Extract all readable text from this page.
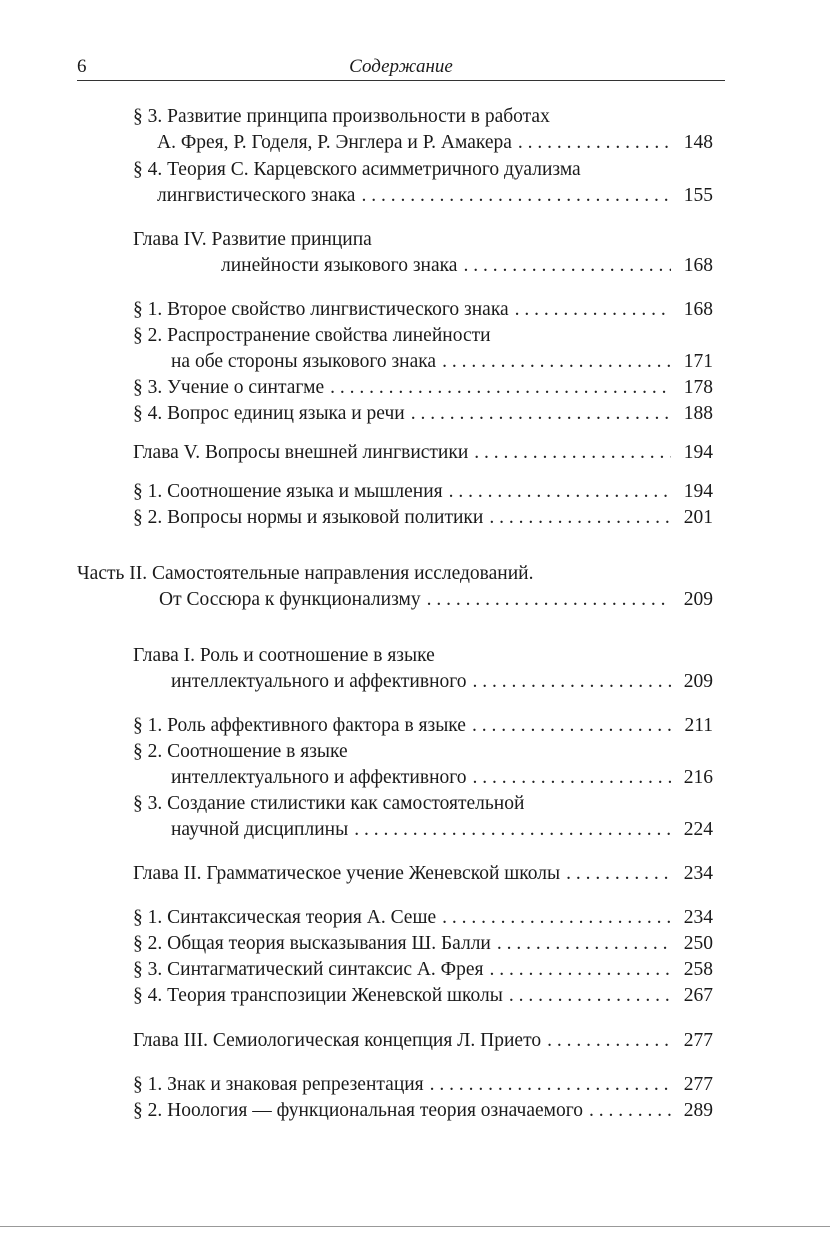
6	Содержание
§ 3. Развитие принципа произвольности в работах
А. Фрея, Р. Годеля, Р. Энглера и Р. Амакера . . .	148
§ 4. Теория С. Карцевского асимметричного дуализма
лингвистического знака . . .	155
Глава IV. Развитие принципа
линейности языкового знака . . .	168
§ 1. Второе свойство лингвистического знака . . .	168
§ 2. Распространение свойства линейности
на обе стороны языкового знака . . .	171
§ 3. Учение о синтагме . . .	178
§ 4. Вопрос единиц языка и речи . . .	188
Глава V. Вопросы внешней лингвистики . . .	194
§ 1. Соотношение языка и мышления . . .	194
§ 2. Вопросы нормы и языковой политики . . .	201
Часть II. Самостоятельные направления исследований.
От Соссюра к функционализму . . .	209
Глава I. Роль и соотношение в языке
интеллектуального и аффективного . . .	209
§ 1. Роль аффективного фактора в языке . . .	211
§ 2. Соотношение в языке
интеллектуального и аффективного . . .	216
§ 3. Создание стилистики как самостоятельной
научной дисциплины . . .	224
Глава II. Грамматическое учение Женевской школы . . .	234
§ 1. Синтаксическая теория А. Сеше . . .	234
§ 2. Общая теория высказывания Ш. Балли . . .	250
§ 3. Синтагматический синтаксис А. Фрея . . .	258
§ 4. Теория транспозиции Женевской школы . . .	267
Глава III. Семиологическая концепция Л. Прието . . .	277
§ 1. Знак и знаковая репрезентация . . .	277
§ 2. Ноология — функциональная теория означаемого . . .	289
